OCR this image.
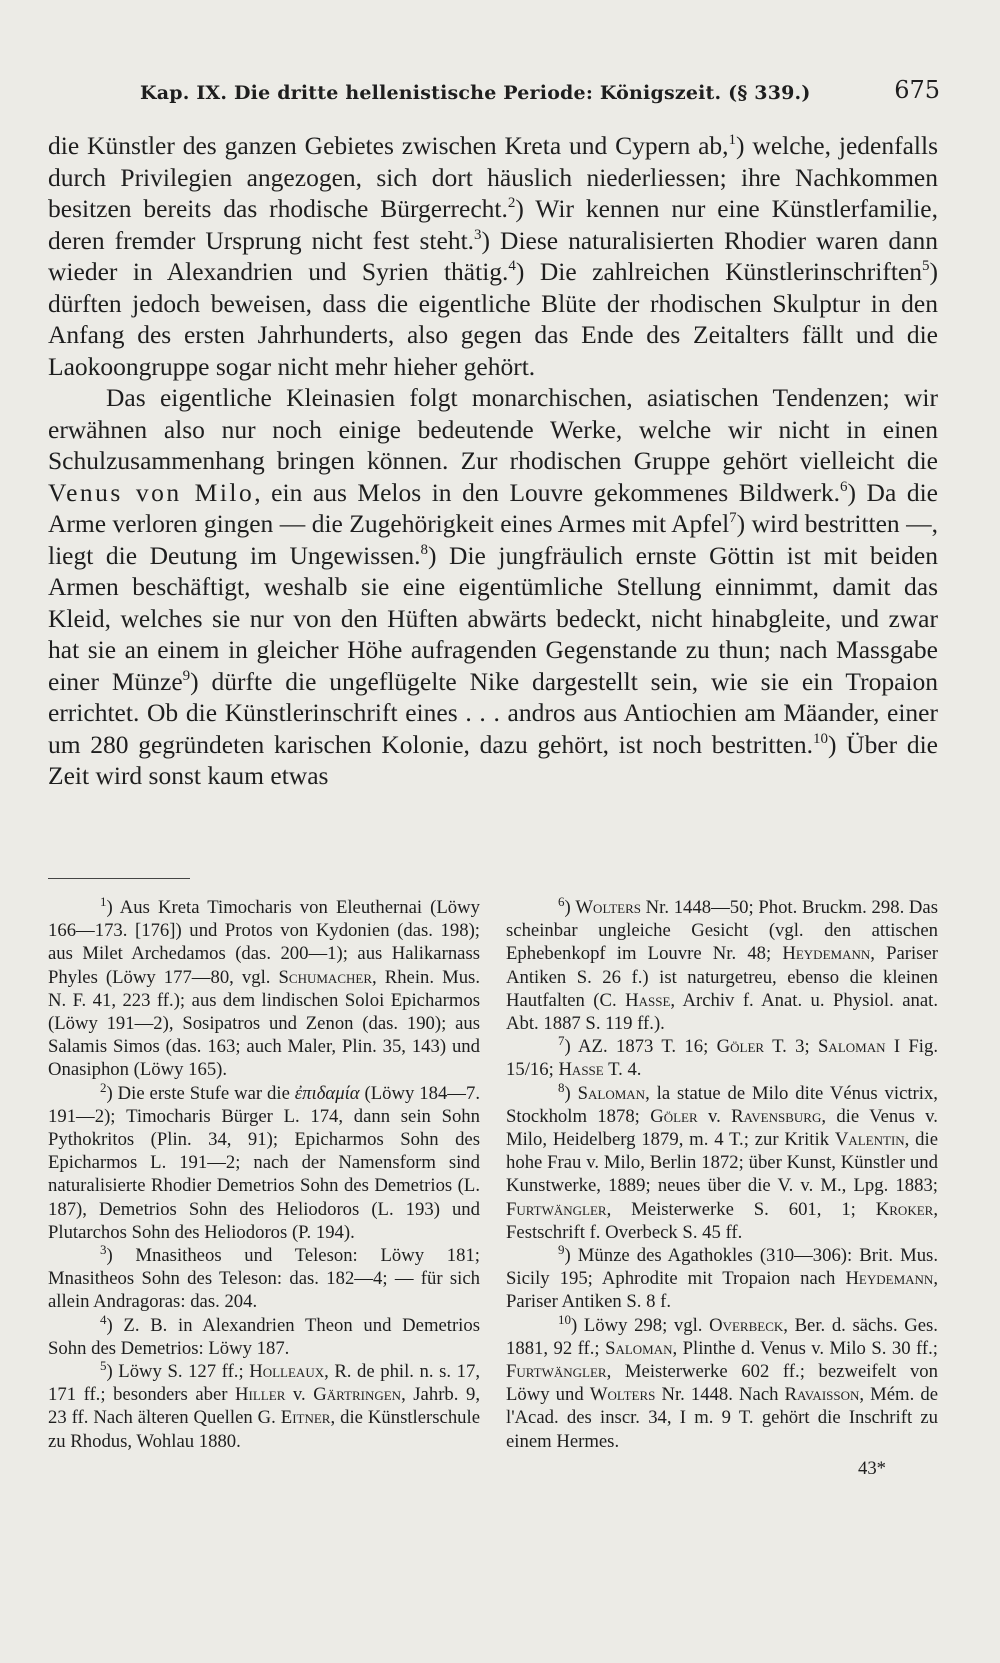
Kap. IX. Die dritte hellenistische Periode: Königszeit. (§ 339.)	675

die Künstler des ganzen Gebietes zwischen Kreta und Cypern ab,$^1$) welche, jedenfalls durch Privilegien angezogen, sich dort häuslich niederliessen; ihre Nachkommen besitzen bereits das rhodische Bürgerrecht.$^2$) Wir kennen nur eine Künstlerfamilie, deren fremder Ursprung nicht fest steht.$^3$) Diese naturalisierten Rhodier waren dann wieder in Alexandrien und Syrien thätig.$^4$) Die zahlreichen Künstlerinschriften$^5$) dürften jedoch beweisen, dass die eigentliche Blüte der rhodischen Skulptur in den Anfang des ersten Jahrhunderts, also gegen das Ende des Zeitalters fällt und die Laokoongruppe sogar nicht mehr hieher gehört.

Das eigentliche Kleinasien folgt monarchischen, asiatischen Tendenzen; wir erwähnen also nur noch einige bedeutende Werke, welche wir nicht in einen Schulzusammenhang bringen können. Zur rhodischen Gruppe gehört vielleicht die Venus von Milo, ein aus Melos in den Louvre gekommenes Bildwerk.$^6$) Da die Arme verloren gingen — die Zugehörigkeit eines Armes mit Apfel$^7$) wird bestritten —, liegt die Deutung im Ungewissen.$^8$) Die jungfräulich ernste Göttin ist mit beiden Armen beschäftigt, weshalb sie eine eigentümliche Stellung einnimmt, damit das Kleid, welches sie nur von den Hüften abwärts bedeckt, nicht hinabgleite, und zwar hat sie an einem in gleicher Höhe aufragenden Gegenstande zu thun; nach Massgabe einer Münze$^9$) dürfte die ungeflügelte Nike dargestellt sein, wie sie ein Tropaion errichtet. Ob die Künstlerinschrift eines . . . andros aus Antiochien am Mäander, einer um 280 gegründeten karischen Kolonie, dazu gehört, ist noch bestritten.$^{10}$) Über die Zeit wird sonst kaum etwas

$^1$) Aus Kreta Timocharis von Eleuthernai (Löwy 166—173. [176]) und Protos von Kydonien (das. 198); aus Milet Archedamos (das. 200—1); aus Halikarnass Phyles (Löwy 177—80, vgl. Schumacher, Rhein. Mus. N. F. 41, 223 ff.); aus dem lindischen Soloi Epicharmos (Löwy 191—2), Sosipatros und Zenon (das. 190); aus Salamis Simos (das. 163; auch Maler, Plin. 35, 143) und Onasiphon (Löwy 165).

$^2$) Die erste Stufe war die ἐπιδαμία (Löwy 184—7. 191—2); Timocharis Bürger L. 174, dann sein Sohn Pythokritos (Plin. 34, 91); Epicharmos Sohn des Epicharmos L. 191—2; nach der Namensform sind naturalisierte Rhodier Demetrios Sohn des Demetrios (L. 187), Demetrios Sohn des Heliodoros (L. 193) und Plutarchos Sohn des Heliodoros (P. 194).

$^3$) Mnasitheos und Teleson: Löwy 181; Mnasitheos Sohn des Teleson: das. 182—4; — für sich allein Andragoras: das. 204.

$^4$) Z. B. in Alexandrien Theon und Demetrios Sohn des Demetrios: Löwy 187.

$^5$) Löwy S. 127 ff.; Holleaux, R. de phil. n. s. 17, 171 ff.; besonders aber Hiller v. Gärtringen, Jahrb. 9, 23 ff. Nach älteren Quellen G. Eitner, die Künstlerschule zu Rhodus, Wohlau 1880.

$^6$) Wolters Nr. 1448—50; Phot. Bruckm. 298. Das scheinbar ungleiche Gesicht (vgl. den attischen Ephebenkopf im Louvre Nr. 48; Heydemann, Pariser Antiken S. 26 f.) ist naturgetreu, ebenso die kleinen Hautfalten (C. Hasse, Archiv f. Anat. u. Physiol. anat. Abt. 1887 S. 119 ff.).

$^7$) AZ. 1873 T. 16; Göler T. 3; Saloman I Fig. 15/16; Hasse T. 4.

$^8$) Saloman, la statue de Milo dite Vénus victrix, Stockholm 1878; Göler v. Ravensburg, die Venus v. Milo, Heidelberg 1879, m. 4 T.; zur Kritik Valentin, die hohe Frau v. Milo, Berlin 1872; über Kunst, Künstler und Kunstwerke, 1889; neues über die V. v. M., Lpg. 1883; Furtwängler, Meisterwerke S. 601, 1; Kroker, Festschrift f. Overbeck S. 45 ff.

$^9$) Münze des Agathokles (310—306): Brit. Mus. Sicily 195; Aphrodite mit Tropaion nach Heydemann, Pariser Antiken S. 8 f.

$^{10}$) Löwy 298; vgl. Overbeck, Ber. d. sächs. Ges. 1881, 92 ff.; Saloman, Plinthe d. Venus v. Milo S. 30 ff.; Furtwängler, Meisterwerke 602 ff.; bezweifelt von Löwy und Wolters Nr. 1448. Nach Ravaisson, Mém. de l'Acad. des inscr. 34, I m. 9 T. gehört die Inschrift zu einem Hermes.

43*
